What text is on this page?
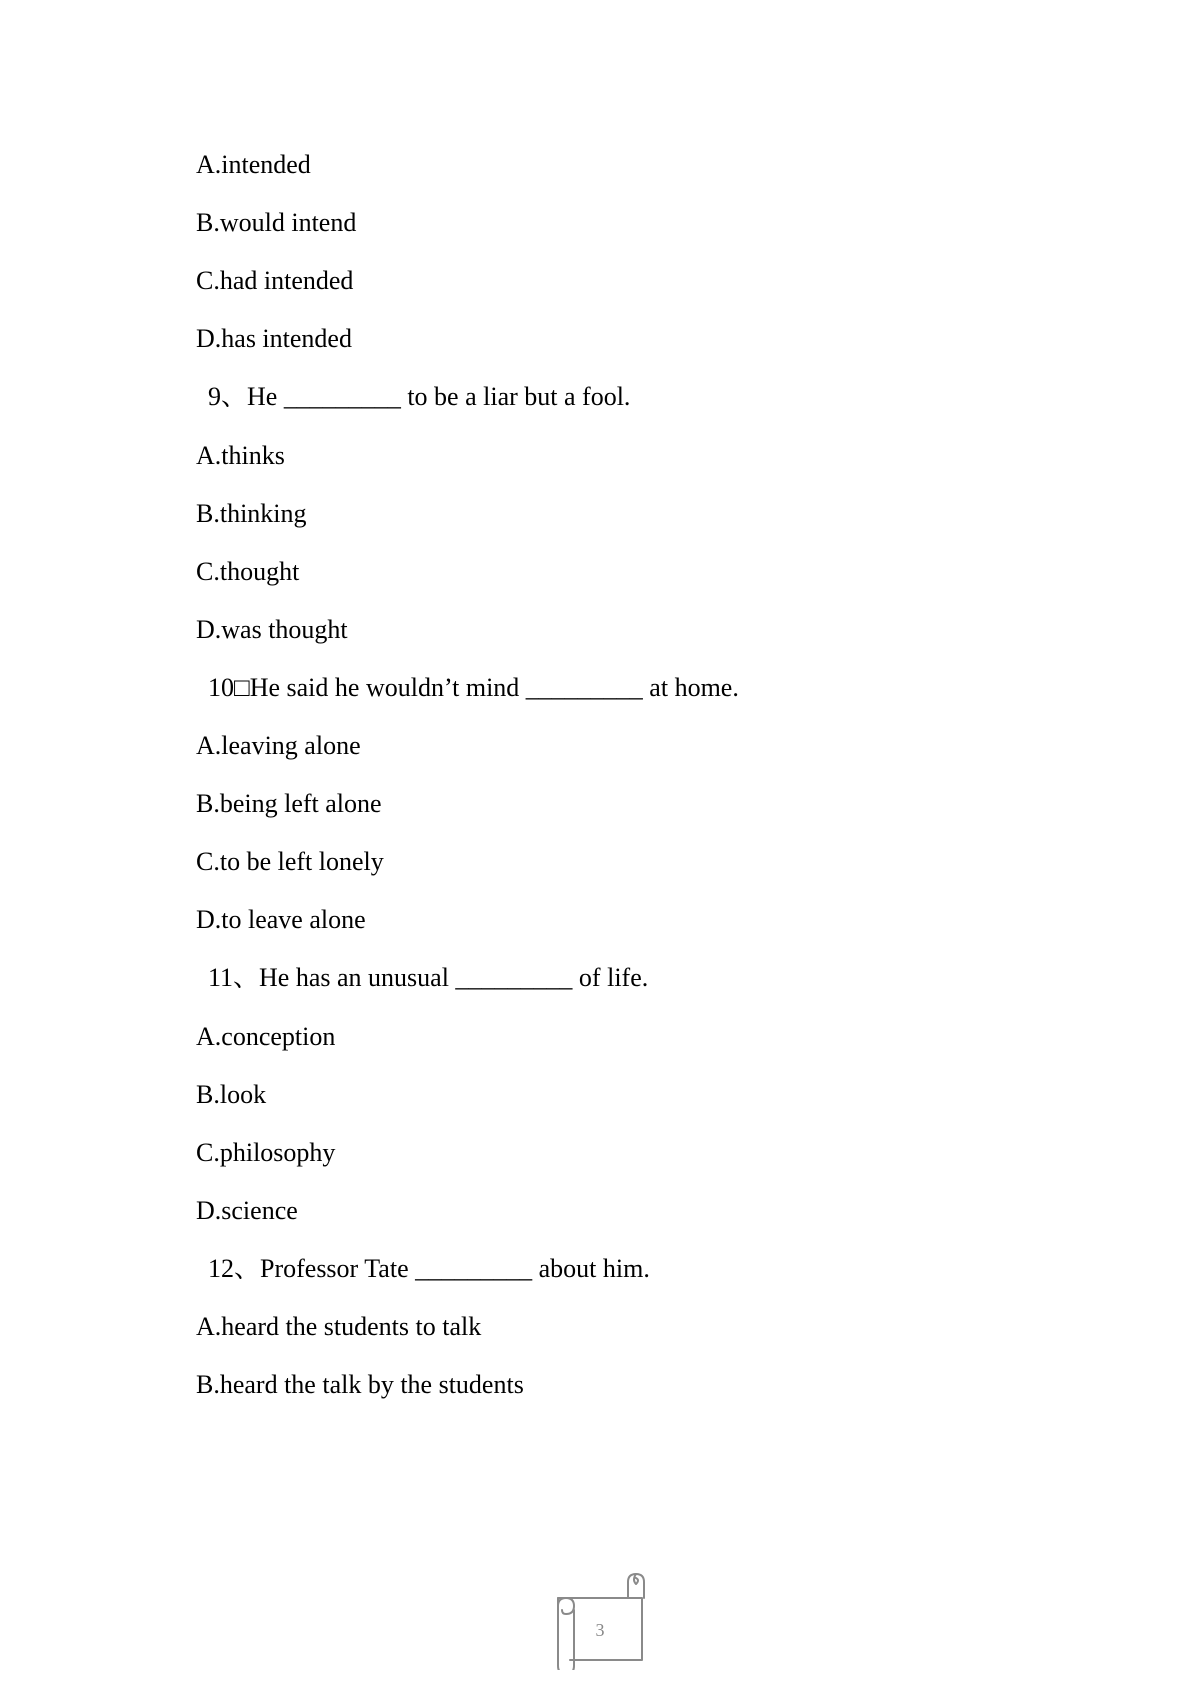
A.intended
B.would intend
C.had intended
D.has intended
9、He _________ to be a liar but a fool.
A.thinks
B.thinking
C.thought
D.was thought
10□He said he wouldn’t mind _________ at home.
A.leaving alone
B.being left alone
C.to be left lonely
D.to leave alone
11、He has an unusual _________ of life.
A.conception
B.look
C.philosophy
D.science
12、Professor Tate _________ about him.
A.heard the students to talk
B.heard the talk by the students
3
